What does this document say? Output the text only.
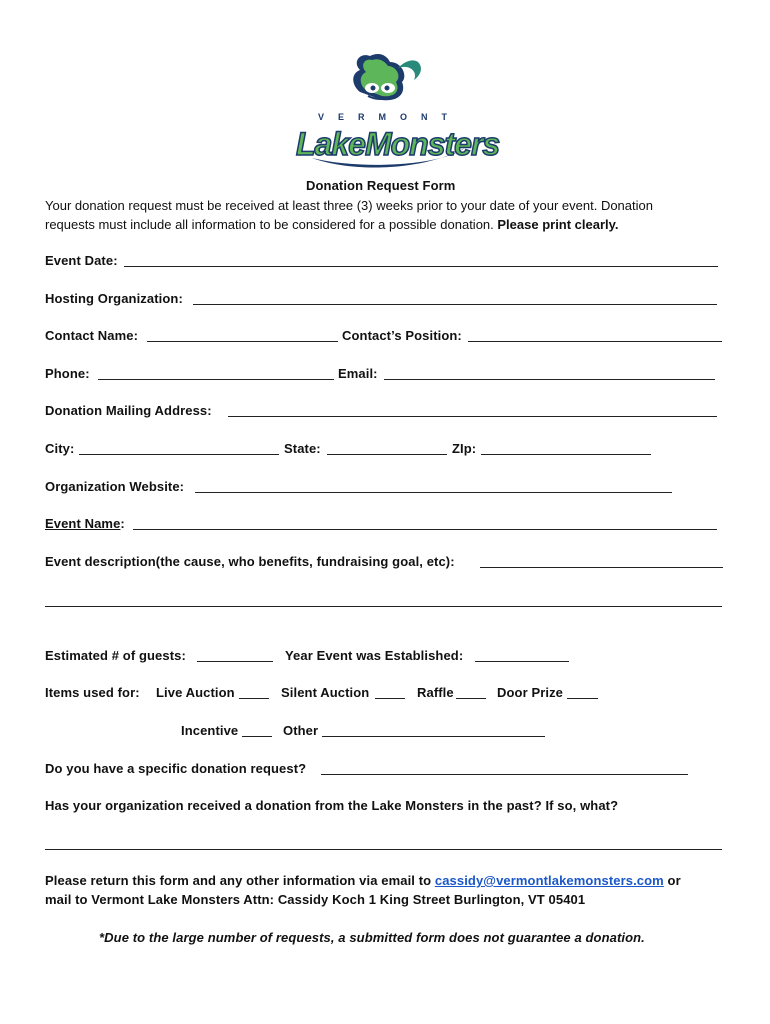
VERMONT
LakeMonsters
Donation Request Form
Your donation request must be received at least three (3) weeks prior to your date of your event. Donation
requests must include all information to be considered for a possible donation. Please print clearly.
Event Date:
Hosting Organization:
Contact Name:	Contact’s Position:
Phone:	Email:
Donation Mailing Address:
City:	State:	ZIp:
Organization Website:
Event Name:
Event description(the cause, who benefits, fundraising goal, etc):
Estimated # of guests:	Year Event was Established:
Items used for: Live Auction	Silent Auction	Raffle	Door Prize
Incentive	Other
Do you have a specific donation request?
Has your organization received a donation from the Lake Monsters in the past? If so, what?
Please return this form and any other information via email to cassidy@vermontlakemonsters.com or
mail to Vermont Lake Monsters Attn: Cassidy Koch 1 King Street Burlington, VT 05401
*Due to the large number of requests, a submitted form does not guarantee a donation.
